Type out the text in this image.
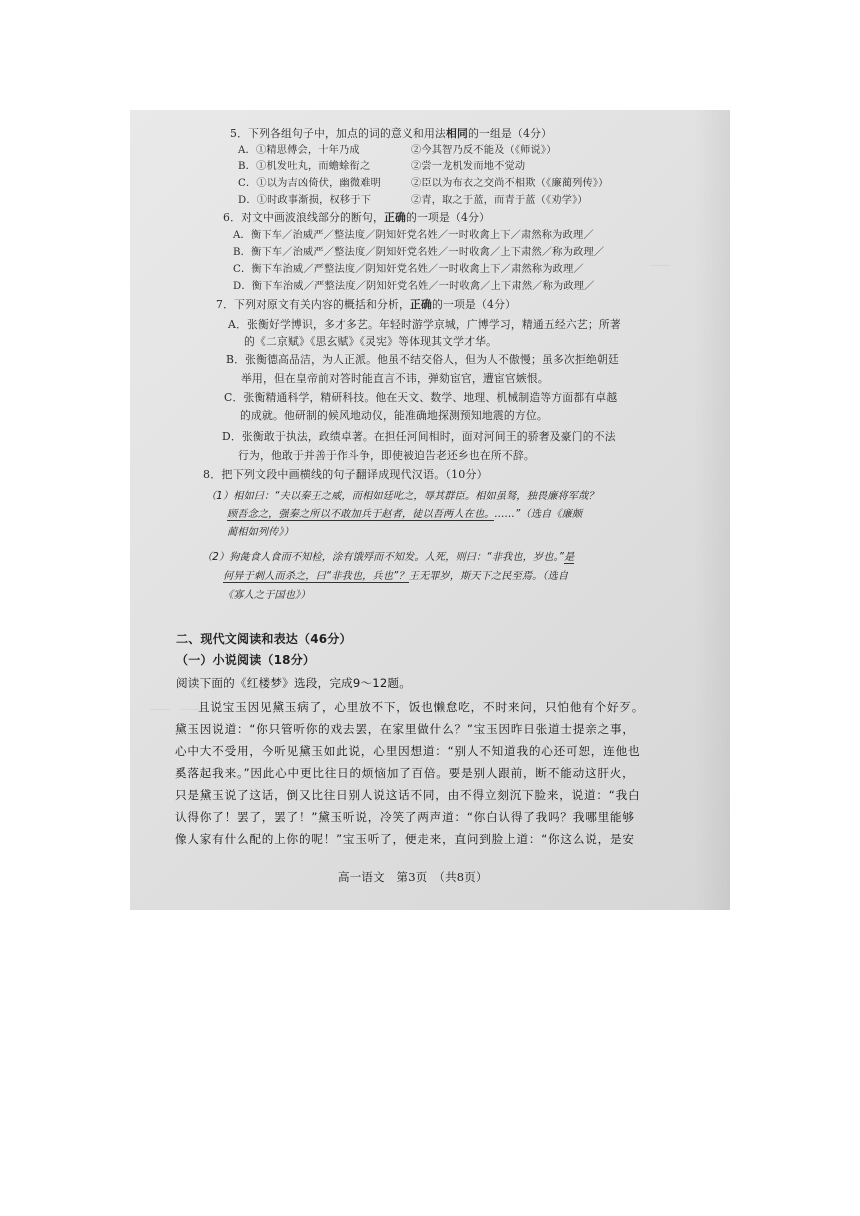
——
——　——
5．下列各组句子中，加点的词的意义和用法相同的一组是（4分）
A．①精思傅会，十年乃成	②今其智乃反不能及（《师说》）
B．①机发吐丸，而蟾蜍衔之	②尝一龙机发而地不觉动
C．①以为吉凶倚伏，幽微难明	②臣以为布衣之交尚不相欺（《廉蔺列传》）
D．①时政事渐损，权移于下	②青，取之于蓝，而青于蓝（《劝学》）
6．对文中画波浪线部分的断句，正确的一项是（4分）
A．衡下车／治威严／整法度／阴知奸党名姓／一时收禽上下／肃然称为政理／
B．衡下车／治威严／整法度／阴知奸党名姓／一时收禽／上下肃然／称为政理／
C．衡下车治威／严整法度／阴知奸党名姓／一时收禽上下／肃然称为政理／
D．衡下车治威／严整法度／阴知奸党名姓／一时收禽／上下肃然／称为政理／
7．下列对原文有关内容的概括和分析，正确的一项是（4分）
A．张衡好学博识，多才多艺。年轻时游学京城，广博学习，精通五经六艺；所著
的《二京赋》《思玄赋》《灵宪》等体现其文学才华。
B．张衡德高品洁，为人正派。他虽不结交俗人，但为人不傲慢；虽多次拒绝朝廷
举用，但在皇帝前对答时能直言不讳，弹劾宦官，遭宦官嫉恨。
C．张衡精通科学，精研科技。他在天文、数学、地理、机械制造等方面都有卓越
的成就。他研制的候风地动仪，能准确地探测预知地震的方位。
D．张衡敢于执法，政绩卓著。在担任河间相时，面对河间王的骄奢及豪门的不法
行为，他敢于并善于作斗争，即使被迫告老还乡也在所不辞。
8．把下列文段中画横线的句子翻译成现代汉语。（10分）
（1）相如曰：“夫以秦王之威，而相如廷叱之，辱其群臣。相如虽驽，独畏廉将军哉？
顾吾念之，强秦之所以不敢加兵于赵者，徒以吾两人在也。……”（选自《廉颇
蔺相如列传》）
（2）狗彘食人食而不知检，涂有饿殍而不知发。人死，则曰：“非我也，岁也。”是
何异于刺人而杀之，曰“非我也，兵也”？王无罪岁，斯天下之民至焉。（选自
《寡人之于国也》）
二、现代文阅读和表达（46分）
（一）小说阅读（18分）
阅读下面的《红楼梦》选段，完成9～12题。
且说宝玉因见黛玉病了，心里放不下，饭也懒怠吃，不时来问，只怕他有个好歹。
黛玉因说道：“你只管听你的戏去罢，在家里做什么？”宝玉因昨日张道士提亲之事，
心中大不受用，今听见黛玉如此说，心里因想道：“别人不知道我的心还可恕，连他也
奚落起我来。”因此心中更比往日的烦恼加了百倍。要是别人跟前，断不能动这肝火，
只是黛玉说了这话，倒又比往日别人说这话不同，由不得立刻沉下脸来，说道：“我白
认得你了！罢了，罢了！”黛玉听说，冷笑了两声道：“你白认得了我吗？我哪里能够
像人家有什么配的上你的呢！”宝玉听了，便走来，直问到脸上道：“你这么说，是安
高一语文　第3页　（共8页）
